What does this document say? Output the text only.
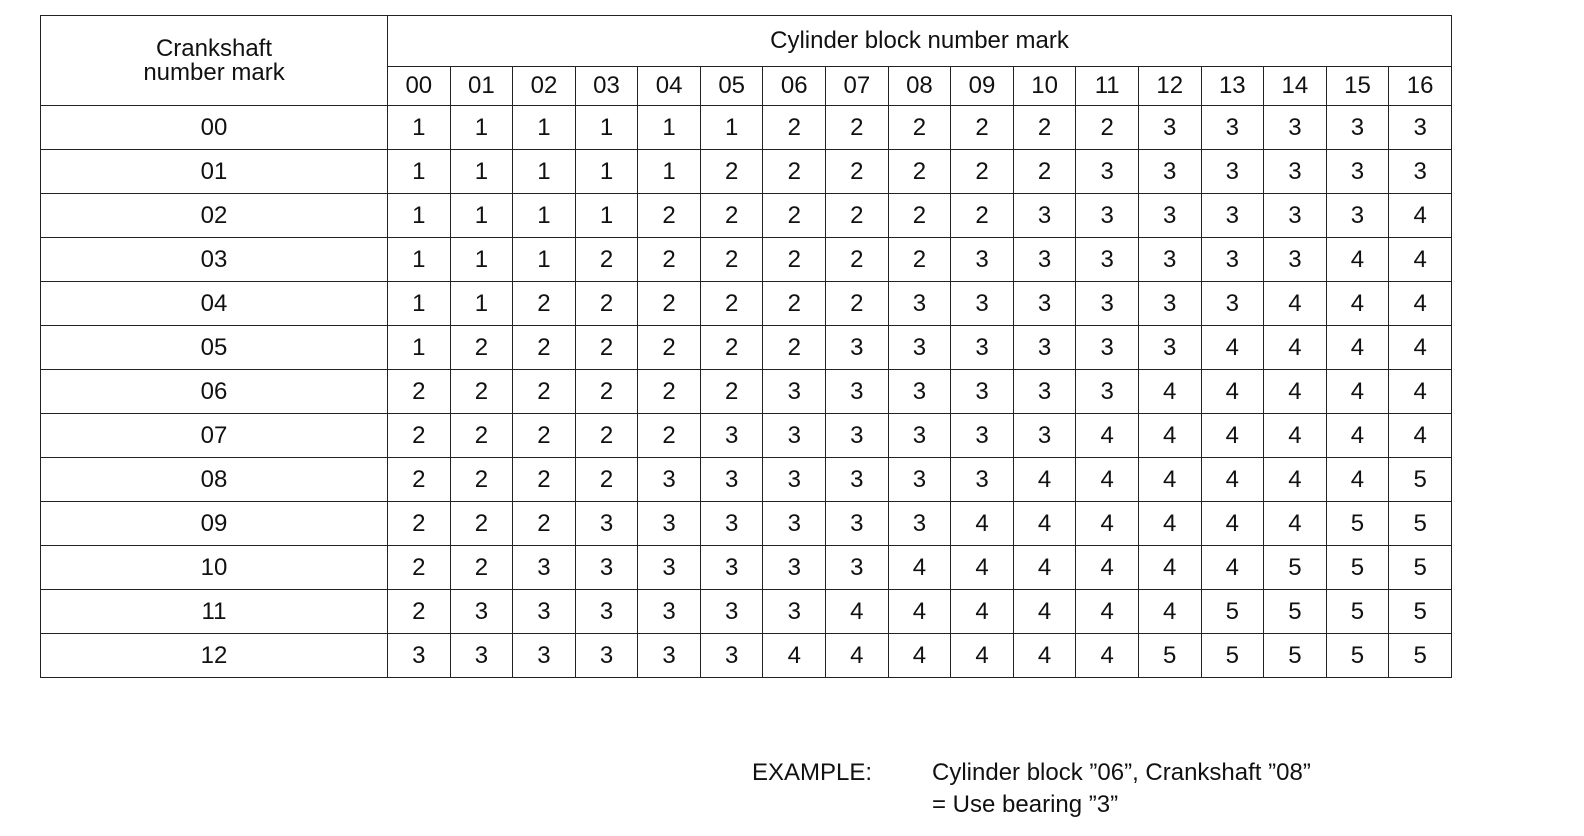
Crankshaft
number mark	Cylinder block number mark																
	00	01	02	03	04	05	06	07	08	09	10	11	12	13	14	15	16
00	1	1	1	1	1	1	2	2	2	2	2	2	3	3	3	3	3
01	1	1	1	1	1	2	2	2	2	2	2	3	3	3	3	3	3
02	1	1	1	1	2	2	2	2	2	2	3	3	3	3	3	3	4
03	1	1	1	2	2	2	2	2	2	3	3	3	3	3	3	4	4
04	1	1	2	2	2	2	2	2	3	3	3	3	3	3	4	4	4
05	1	2	2	2	2	2	2	3	3	3	3	3	3	4	4	4	4
06	2	2	2	2	2	2	3	3	3	3	3	3	4	4	4	4	4
07	2	2	2	2	2	3	3	3	3	3	3	4	4	4	4	4	4
08	2	2	2	2	3	3	3	3	3	3	4	4	4	4	4	4	5
09	2	2	2	3	3	3	3	3	3	4	4	4	4	4	4	5	5
10	2	2	3	3	3	3	3	3	4	4	4	4	4	4	5	5	5
11	2	3	3	3	3	3	3	4	4	4	4	4	4	5	5	5	5
12	3	3	3	3	3	3	4	4	4	4	4	4	5	5	5	5	5
EXAMPLE: Cylinder block ”06”, Crankshaft ”08”
= Use bearing ”3”
